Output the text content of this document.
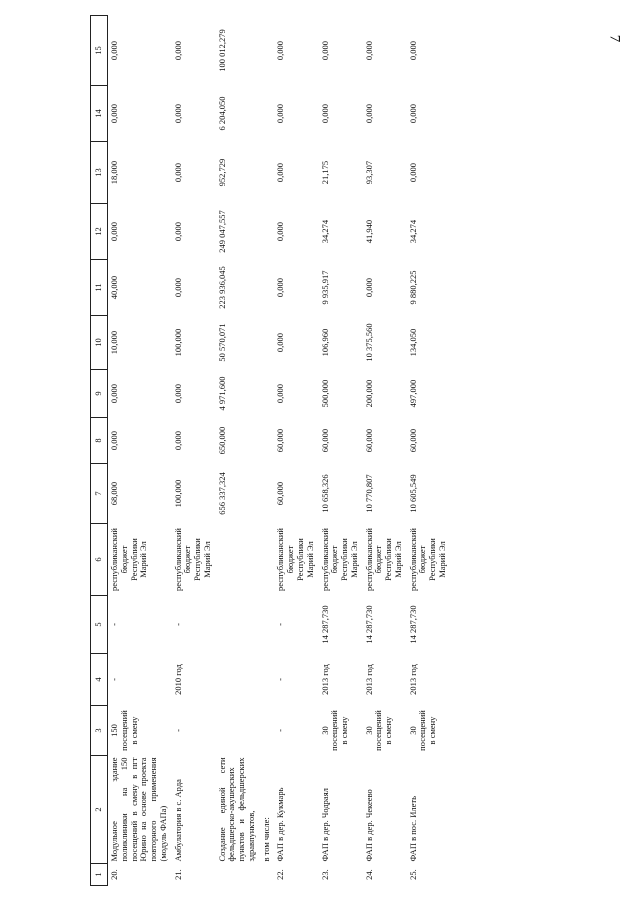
7
1	2	3	4	5	6	7	8	9	10	11	12	13	14	15
20.	Модульное здание поликлиники на 150 посещений в смену в пгт Юрино на основе проекта повторного применения (модуль ФАПа)	150 посещений в смену	-	-	республиканский бюджет Республики Марий Эл	68,000	0,000	0,000	10,000	40,000	0,000	18,000	0,000	0,000
21.	Амбулатория в с. Арда	-	2010 год	-	республиканский бюджет Республики Марий Эл	100,000	0,000	0,000	100,000	0,000	0,000	0,000	0,000	0,000
	Создание единой сети фельдшерско-акушерских пунктов и фельдшерских здравпунктов,					656 337,324	650,000	4 971,600	50 570,071	223 936,045	249 047,557	952,729	6 204,050	100 012,279
	в том числе:													
22.	ФАП в дер. Кукмарь	-	-	-	республиканский бюджет Республики Марий Эл	60,000	60,000	0,000	0,000	0,000	0,000	0,000	0,000	0,000
23.	ФАП в дер. Чодраял	30 посещений в смену	2013 год	14 287,730	республиканский бюджет Республики Марий Эл	10 658,326	60,000	500,000	106,960	9 935,917	34,274	21,175	0,000	0,000
24.	ФАП в дер. Чекеево	30 посещений в смену	2013 год	14 287,730	республиканский бюджет Республики Марий Эл	10 770,807	60,000	200,000	10 375,560	0,000	41,940	93,307	0,000	0,000
25.	ФАП в пос. Илеть	30 посещений в смену	2013 год	14 287,730	республиканский бюджет Республики Марий Эл	10 605,549	60,000	497,000	134,050	9 880,225	34,274	0,000	0,000	0,000
